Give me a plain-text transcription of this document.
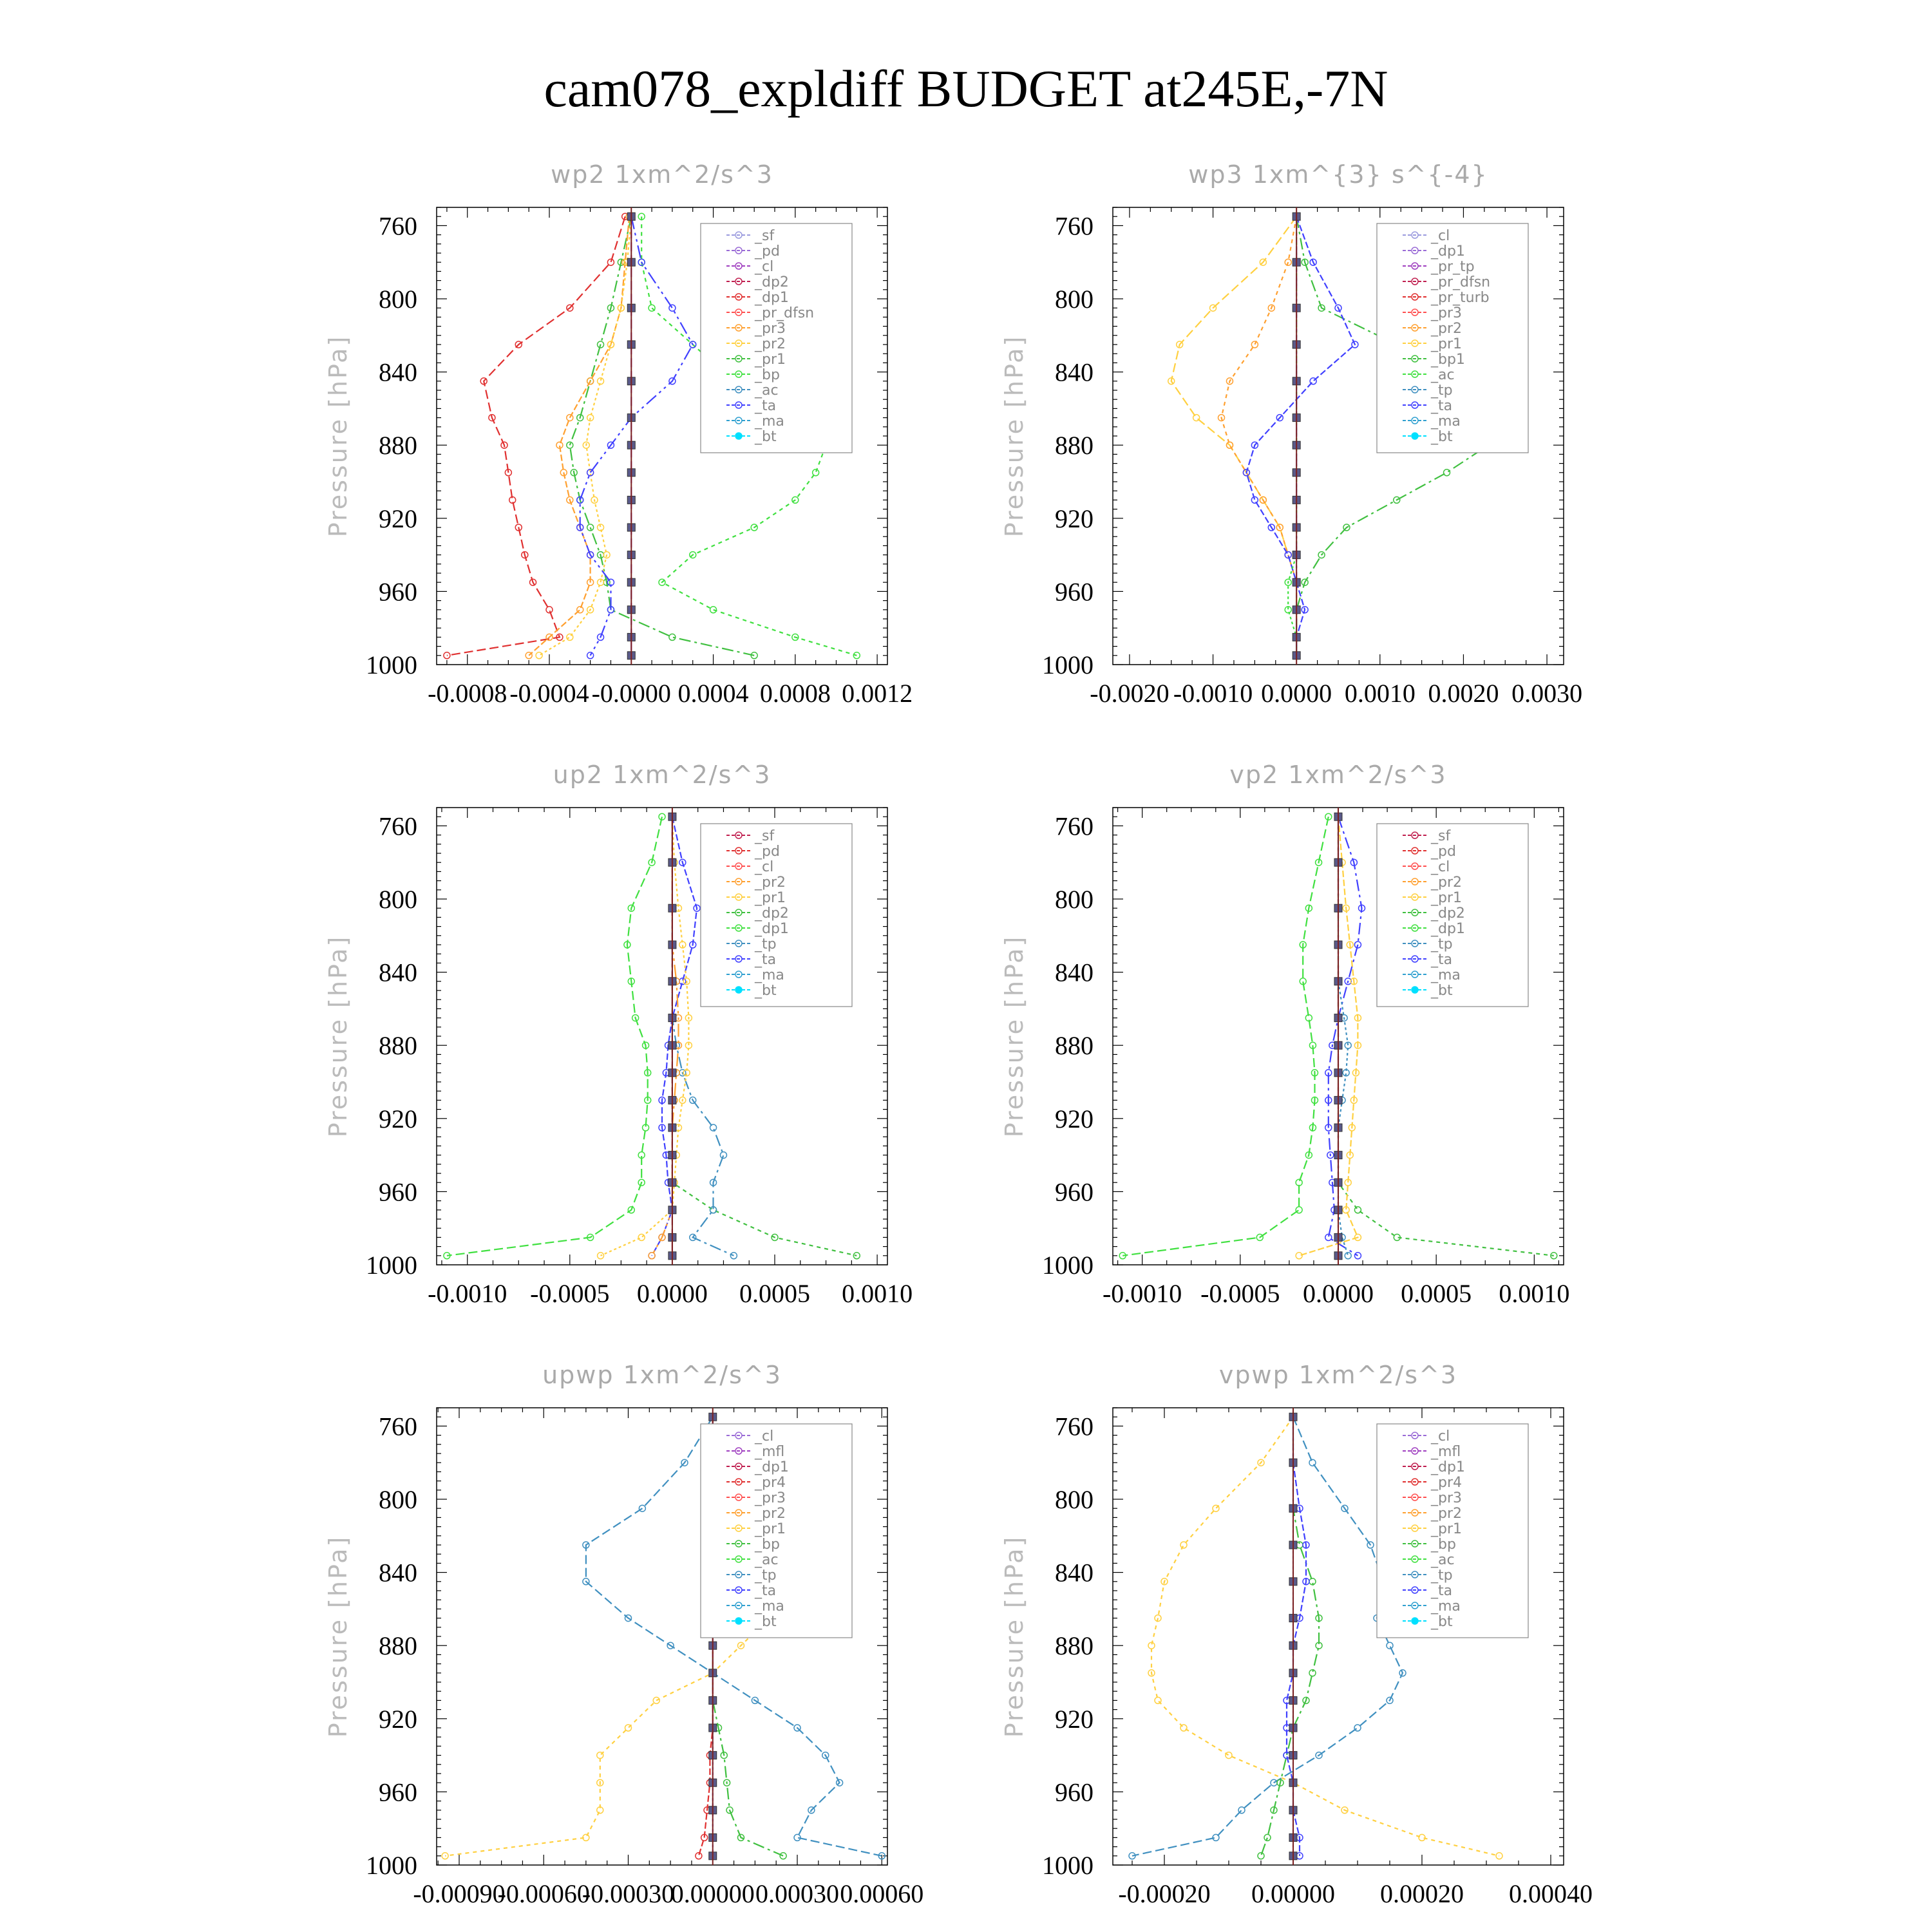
cam078_expldiff BUDGET at245E,-7N
wp2 1xm^2/s^3
Pressure [hPa]
760
800
840
880
920
960
1000
-0.0008 -0.0004 -0.0000 0.0004 0.0008 0.0012
_sf
_pd
_cl
_dp2
_dp1
_pr_dfsn
_pr3
_pr2
_pr1
_bp
_ac
_ta
_ma
_bt
wp3 1xm^{3} s^{-4}
Pressure [hPa]
760
800
840
880
920
960
1000
-0.0020 -0.0010 0.0000 0.0010 0.0020 0.0030
_cl
_dp1
_pr_tp
_pr_dfsn
_pr_turb
_pr3
_pr2
_pr1
_bp1
_ac
_tp
_ta
_ma
_bt
up2 1xm^2/s^3
Pressure [hPa]
760
800
840
880
920
960
1000
-0.0010 -0.0005 0.0000 0.0005 0.0010
_sf
_pd
_cl
_pr2
_pr1
_dp2
_dp1
_tp
_ta
_ma
_bt
vp2 1xm^2/s^3
Pressure [hPa]
760
800
840
880
920
960
1000
-0.0010 -0.0005 0.0000 0.0005 0.0010
_sf
_pd
_cl
_pr2
_pr1
_dp2
_dp1
_tp
_ta
_ma
_bt
upwp 1xm^2/s^3
Pressure [hPa]
760
800
840
880
920
960
1000
-0.00090
-0.00060
-0.00030
0.00000 0.00030 0.00060
_cl
_mfl
_dp1
_pr4
_pr3
_pr2
_pr1
_bp
_ac
_tp
_ta
_ma
_bt
vpwp 1xm^2/s^3
Pressure [hPa]
760
800
840
880
920
960
1000
-0.00020 0.00000 0.00020 0.00040
_cl
_mfl
_dp1
_pr4
_pr3
_pr2
_pr1
_bp
_ac
_tp
_ta
_ma
_bt
